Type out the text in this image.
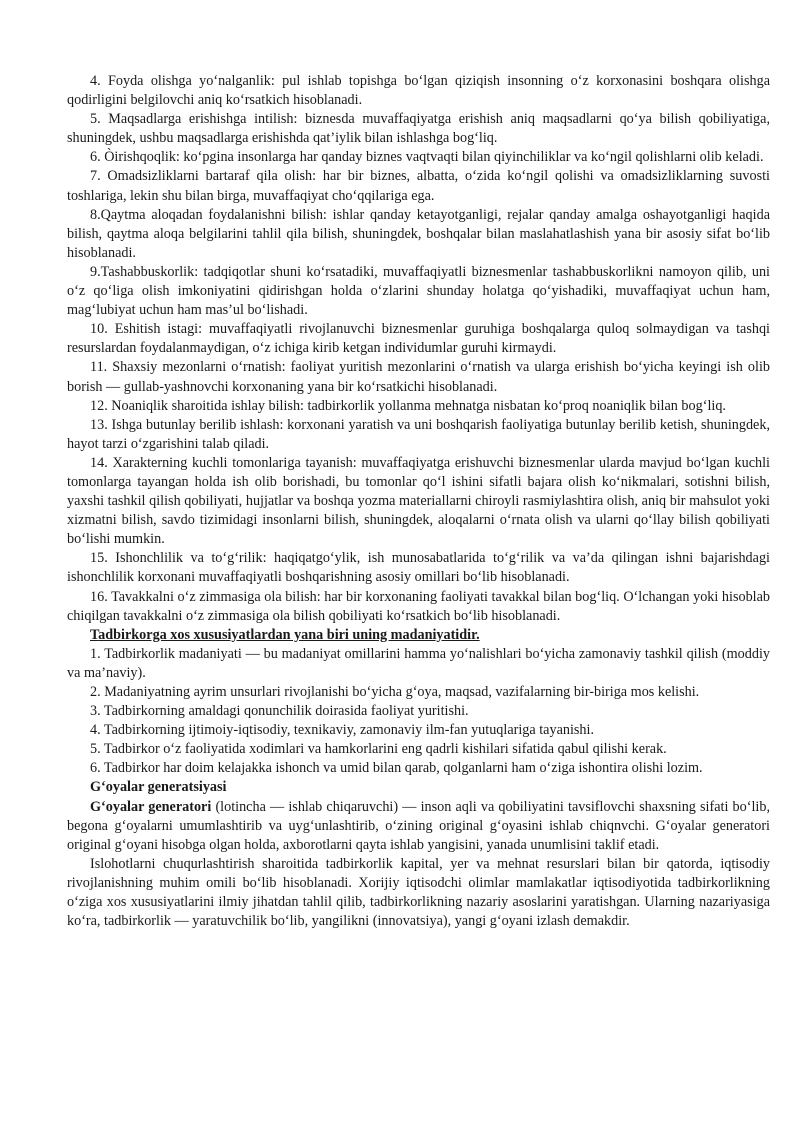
4. Foyda olishga yo‘nalganlik: pul ishlab topishga bo‘lgan qiziqish insonning o‘z korxonasini boshqara olishga qodirligini belgilovchi aniq ko‘rsatkich hisoblanadi.

5. Maqsadlarga erishishga intilish: biznesda muvaffaqiyatga erishish aniq maqsadlarni qo‘ya bilish qobiliyatiga, shuningdek, ushbu maqsadlarga erishishda qat’iylik bilan ishlashga bog‘liq.

6. Òirishqoqlik: ko‘pgina insonlarga har qanday biznes vaqtvaqti bilan qiyinchiliklar va ko‘ngil qolishlarni olib keladi.

7. Omadsizliklarni bartaraf qila olish: har bir biznes, albatta, o‘zida ko‘ngil qolishi va omadsizliklarning suvosti toshlariga, lekin shu bilan birga, muvaffaqiyat cho‘qqilariga ega.

8.Qaytma aloqadan foydalanishni bilish: ishlar qanday ketayotganligi, rejalar qanday amalga oshayotganligi haqida bilish, qaytma aloqa belgilarini tahlil qila bilish, shuningdek, boshqalar bilan maslahatlashish yana bir asosiy sifat bo‘lib hisoblanadi.

9.Tashabbuskorlik: tadqiqotlar shuni ko‘rsatadiki, muvaffaqiyatli biznesmenlar tashabbuskorlikni namoyon qilib, uni o‘z qo‘liga olish imkoniyatini qidirishgan holda o‘zlarini shunday holatga qo‘yishadiki, muvaffaqiyat uchun ham, mag‘lubiyat uchun ham mas’ul bo‘lishadi.

10. Eshitish istagi: muvaffaqiyatli rivojlanuvchi biznesmenlar guruhiga boshqalarga quloq solmaydigan va tashqi resurslardan foydalanmaydigan, o‘z ichiga kirib ketgan individumlar guruhi kirmaydi.

11. Shaxsiy mezonlarni o‘rnatish: faoliyat yuritish mezonlarini o‘rnatish va ularga erishish bo‘yicha keyingi ish olib borish — gullab-yashnovchi korxonaning yana bir ko‘rsatkichi hisoblanadi.

12. Noaniqlik sharoitida ishlay bilish: tadbirkorlik yollanma mehnatga nisbatan ko‘proq noaniqlik bilan bog‘liq.

13. Ishga butunlay berilib ishlash: korxonani yaratish va uni boshqarish faoliyatiga butunlay berilib ketish, shuningdek, hayot tarzi o‘zgarishini talab qiladi.

14. Xarakterning kuchli tomonlariga tayanish: muvaffaqiyatga erishuvchi biznesmenlar ularda mavjud bo‘lgan kuchli tomonlarga tayangan holda ish olib borishadi, bu tomonlar qo‘l ishini sifatli bajara olish ko‘nikmalari, sotishni bilish, yaxshi tashkil qilish qobiliyati, hujjatlar va boshqa yozma materiallarni chiroyli rasmiylashtira olish, aniq bir mahsulot yoki xizmatni bilish, savdo tizimidagi insonlarni bilish, shuningdek, aloqalarni o‘rnata olish va ularni qo‘llay bilish qobiliyati bo‘lishi mumkin.

15. Ishonchlilik va to‘g‘rilik: haqiqatgo‘ylik, ish munosabatlarida to‘g‘rilik va va’da qilingan ishni bajarishdagi ishonchlilik korxonani muvaffaqiyatli boshqarishning asosiy omillari bo‘lib hisoblanadi.

16. Tavakkalni o‘z zimmasiga ola bilish: har bir korxonaning faoliyati tavakkal bilan bog‘liq. O‘lchangan yoki hisoblab chiqilgan tavakkalni o‘z zimmasiga ola bilish qobiliyati ko‘rsatkich bo‘lib hisoblanadi.

Tadbirkorga xos xususiyatlardan yana biri uning madaniyatidir.

1. Tadbirkorlik madaniyati — bu madaniyat omillarini hamma yo‘nalishlari bo‘yicha zamonaviy tashkil qilish (moddiy va ma’naviy).

2. Madaniyatning ayrim unsurlari rivojlanishi bo‘yicha g‘oya, maqsad, vazifalarning bir-biriga mos kelishi.

3. Tadbirkorning amaldagi qonunchilik doirasida faoliyat yuritishi.

4. Tadbirkorning ijtimoiy-iqtisodiy, texnikaviy, zamonaviy ilm-fan yutuqlariga tayanishi.

5. Tadbirkor o‘z faoliyatida xodimlari va hamkorlarini eng qadrli kishilari sifatida qabul qilishi kerak.

6. Tadbirkor har doim kelajakka ishonch va umid bilan qarab, qolganlarni ham o‘ziga ishontira olishi lozim.

G‘oyalar generatsiyasi

G‘oyalar generatori (lotincha — ishlab chiqaruvchi) — inson aqli va qobiliyatini tavsiflovchi shaxsning sifati bo‘lib, begona g‘oyalarni umumlashtirib va uyg‘unlashtirib, o‘zining original g‘oyasini ishlab chiqnvchi. G‘oyalar generatori original g‘oyani hisobga olgan holda, axborotlarni qayta ishlab yangisini, yanada unumlisini taklif etadi.

Islohotlarni chuqurlashtirish sharoitida tadbirkorlik kapital, yer va mehnat resurslari bilan bir qatorda, iqtisodiy rivojlanishning muhim omili bo‘lib hisoblanadi. Xorijiy iqtisodchi olimlar mamlakatlar iqtisodiyotida tadbirkorlikning o‘ziga xos xususiyatlarini ilmiy jihatdan tahlil qilib, tadbirkorlikning nazariy asoslarini yaratishgan. Ularning nazariyasiga ko‘ra, tadbirkorlik — yaratuvchilik bo‘lib, yangilikni (innovatsiya), yangi g‘oyani izlash demakdir.
